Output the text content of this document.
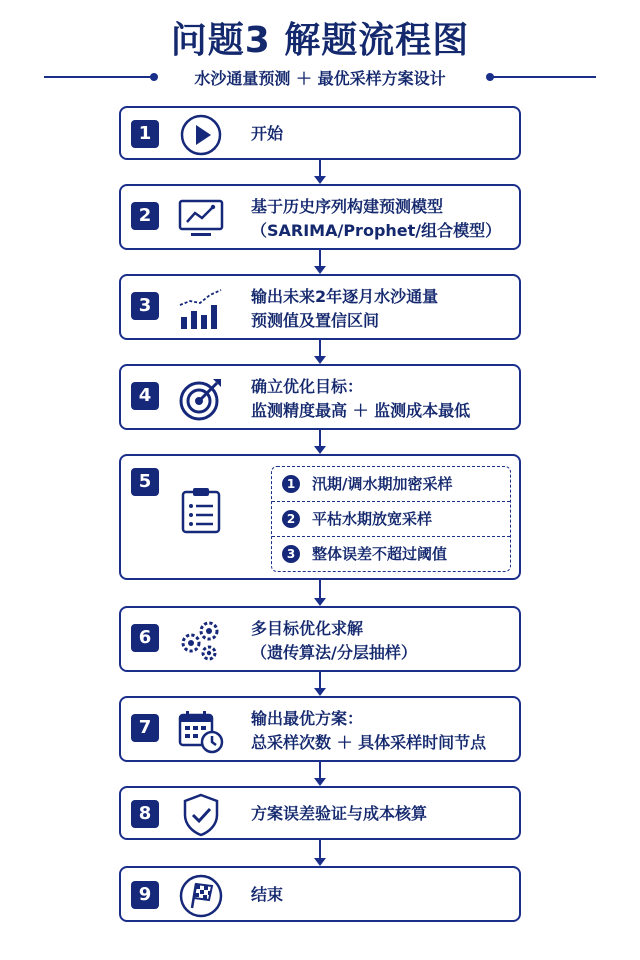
问题3 解题流程图
水沙通量预测 ＋ 最优采样方案设计
1	开始
2	基于历史序列构建预测模型
（SARIMA/Prophet/组合模型）
3	输出未来2年逐月水沙通量
预测值及置信区间
4	确立优化目标：
监测精度最高 ＋ 监测成本最低
5	1	汛期/调水期加密采样
2	平枯水期放宽采样
3	整体误差不超过阈值
6	多目标优化求解
（遗传算法/分层抽样）
7	输出最优方案：
总采样次数 ＋ 具体采样时间节点
8	方案误差验证与成本核算
9	结束
